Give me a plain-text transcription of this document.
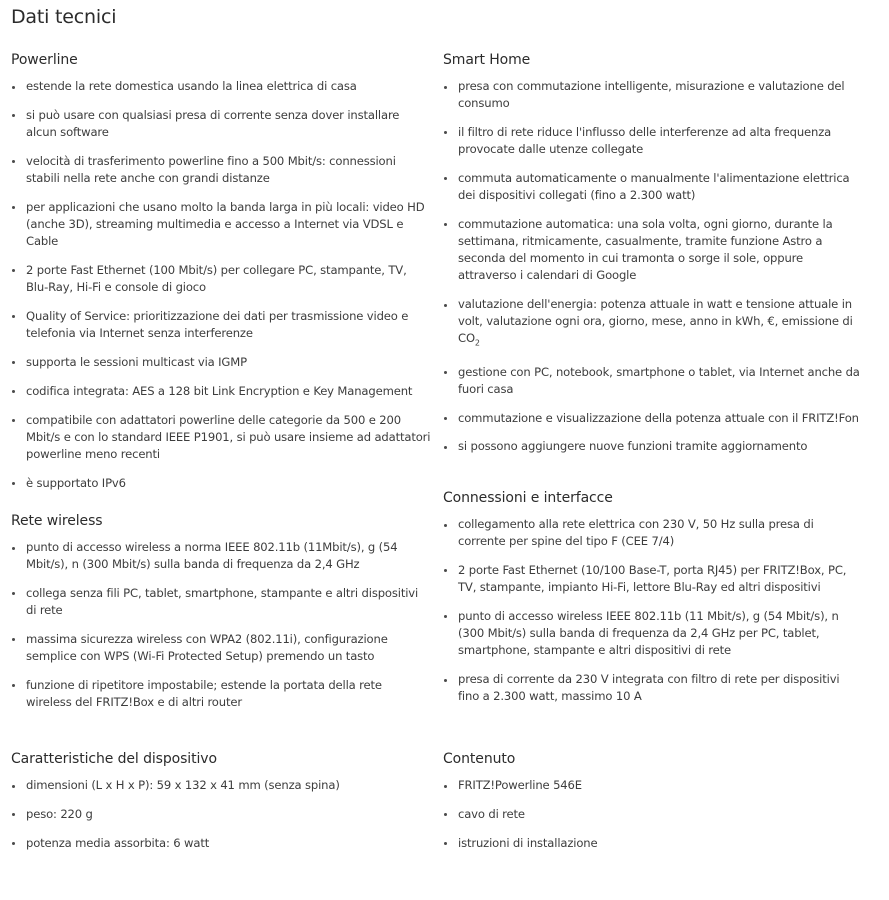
Dati tecnici
Powerline
estende la rete domestica usando la linea elettrica di casa
si può usare con qualsiasi presa di corrente senza dover installare alcun software
velocità di trasferimento powerline fino a 500 Mbit/s: connessioni stabili nella rete anche con grandi distanze
per applicazioni che usano molto la banda larga in più locali: video HD (anche 3D), streaming multimedia e accesso a Internet via VDSL e Cable
2 porte Fast Ethernet (100 Mbit/s) per collegare PC, stampante, TV, Blu-Ray, Hi-Fi e console di gioco
Quality of Service: prioritizzazione dei dati per trasmissione video e telefonia via Internet senza interferenze
supporta le sessioni multicast via IGMP
codifica integrata: AES a 128 bit Link Encryption e Key Management
compatibile con adattatori powerline delle categorie da 500 e 200 Mbit/s e con lo standard IEEE P1901, si può usare insieme ad adattatori powerline meno recenti
è supportato IPv6
Rete wireless
punto di accesso wireless a norma IEEE 802.11b (11Mbit/s), g (54 Mbit/s), n (300 Mbit/s) sulla banda di frequenza da 2,4 GHz
collega senza fili PC, tablet, smartphone, stampante e altri dispositivi di rete
massima sicurezza wireless con WPA2 (802.11i), configurazione semplice con WPS (Wi-Fi Protected Setup) premendo un tasto
funzione di ripetitore impostabile; estende la portata della rete wireless del FRITZ!Box e di altri router
Caratteristiche del dispositivo
dimensioni (L x H x P): 59 x 132 x 41 mm (senza spina)
peso: 220 g
potenza media assorbita: 6 watt
Smart Home
presa con commutazione intelligente, misurazione e valutazione del consumo
il filtro di rete riduce l'influsso delle interferenze ad alta frequenza provocate dalle utenze collegate
commuta automaticamente o manualmente l'alimentazione elettrica dei dispositivi collegati (fino a 2.300 watt)
commutazione automatica: una sola volta, ogni giorno, durante la settimana, ritmicamente, casualmente, tramite funzione Astro a seconda del momento in cui tramonta o sorge il sole, oppure attraverso i calendari di Google
valutazione dell'energia: potenza attuale in watt e tensione attuale in volt, valutazione ogni ora, giorno, mese, anno in kWh, €, emissione di $CO_2$
gestione con PC, notebook, smartphone o tablet, via Internet anche da fuori casa
commutazione e visualizzazione della potenza attuale con il FRITZ!Fon
si possono aggiungere nuove funzioni tramite aggiornamento
Connessioni e interfacce
collegamento alla rete elettrica con 230 V, 50 Hz sulla presa di corrente per spine del tipo F (CEE 7/4)
2 porte Fast Ethernet (10/100 Base-T, porta RJ45) per FRITZ!Box, PC, TV, stampante, impianto Hi-Fi, lettore Blu-Ray ed altri dispositivi
punto di accesso wireless IEEE 802.11b (11 Mbit/s), g (54 Mbit/s), n (300 Mbit/s) sulla banda di frequenza da 2,4 GHz per PC, tablet, smartphone, stampante e altri dispositivi di rete
presa di corrente da 230 V integrata con filtro di rete per dispositivi fino a 2.300 watt, massimo 10 A
Contenuto
FRITZ!Powerline 546E
cavo di rete
istruzioni di installazione
